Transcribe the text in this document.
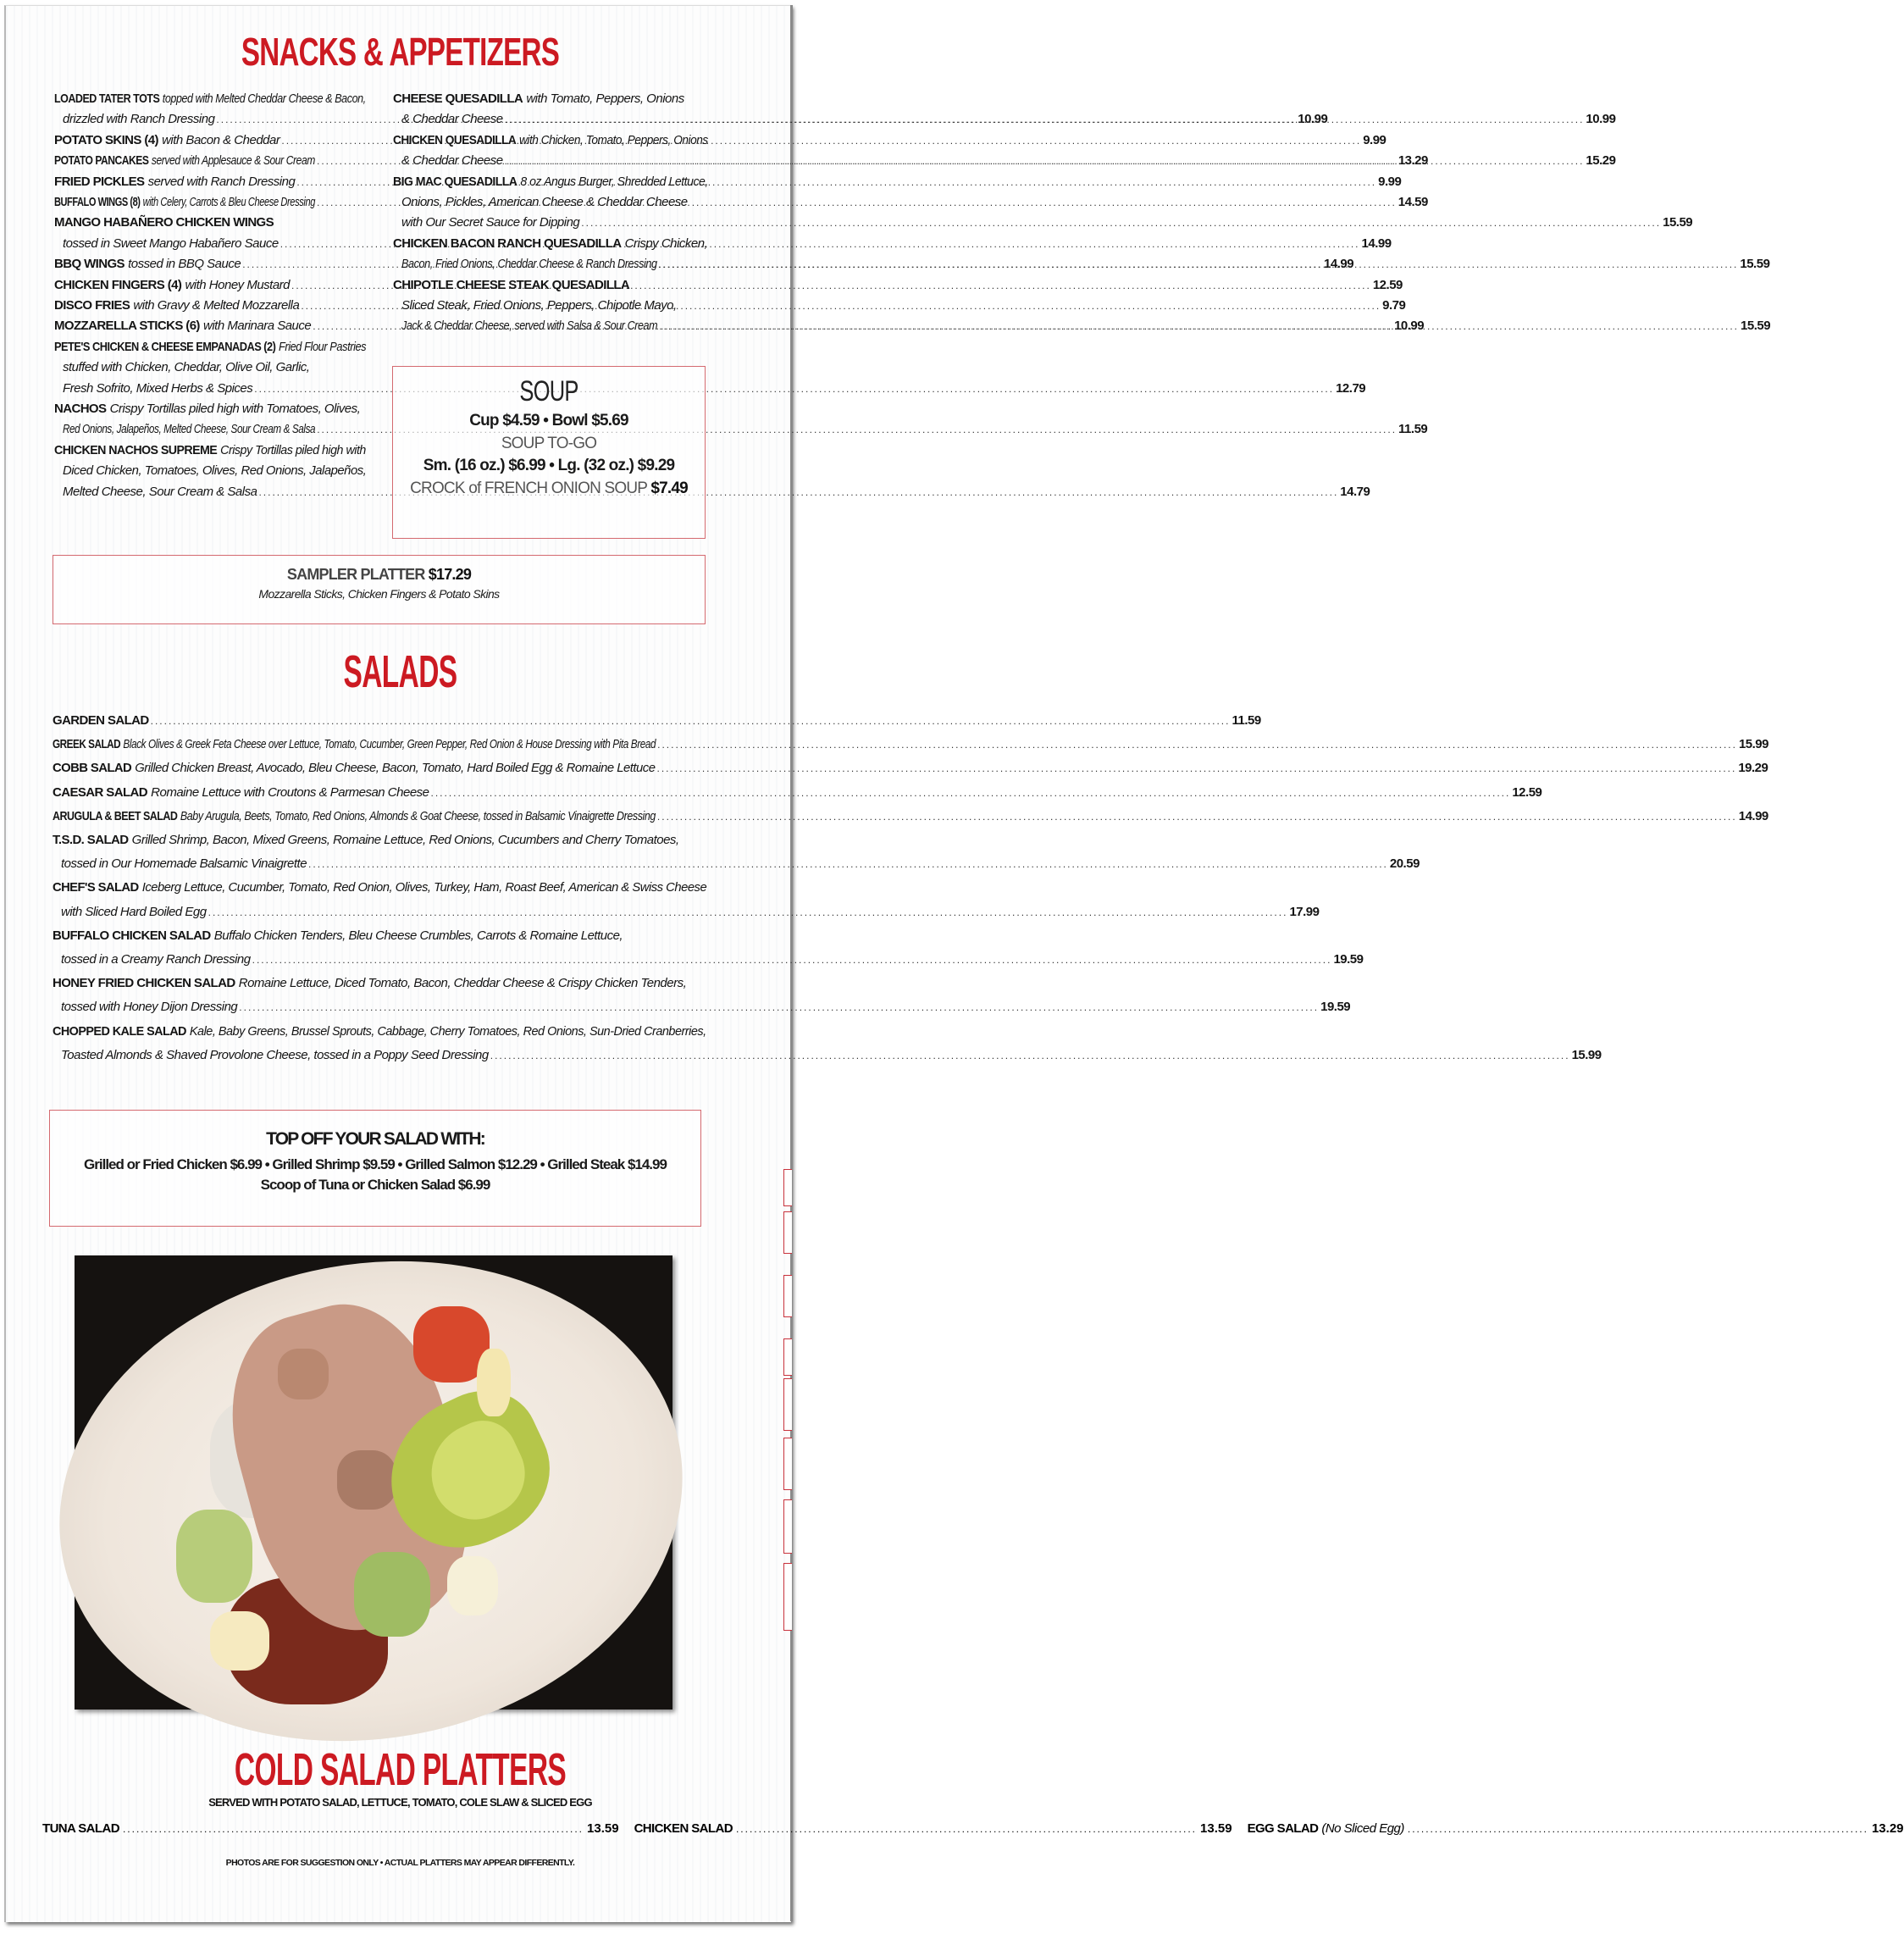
SNACKS & APPETIZERS
LOADED TATER TOTS topped with Melted Cheddar Cheese & Bacon,
drizzled with Ranch Dressing .....	10.99
POTATO SKINS (4) with Bacon & Cheddar .....	9.99
POTATO PANCAKES served with Applesauce & Sour Cream .....	13.29
FRIED PICKLES served with Ranch Dressing .....	9.99
BUFFALO WINGS (8) with Celery, Carrots & Bleu Cheese Dressing .....	14.59
MANGO HABAÑERO CHICKEN WINGS
tossed in Sweet Mango Habañero Sauce .....	14.99
BBQ WINGS tossed in BBQ Sauce .....	14.99
CHICKEN FINGERS (4) with Honey Mustard .....	12.59
DISCO FRIES with Gravy & Melted Mozzarella .....	9.79
MOZZARELLA STICKS (6) with Marinara Sauce .....	10.99
PETE'S CHICKEN & CHEESE EMPANADAS (2) Fried Flour Pastries
stuffed with Chicken, Cheddar, Olive Oil, Garlic,
Fresh Sofrito, Mixed Herbs & Spices .....	12.79
NACHOS Crispy Tortillas piled high with Tomatoes, Olives,
Red Onions, Jalapeños, Melted Cheese, Sour Cream & Salsa .....	11.59
CHICKEN NACHOS SUPREME Crispy Tortillas piled high with
Diced Chicken, Tomatoes, Olives, Red Onions, Jalapeños,
Melted Cheese, Sour Cream & Salsa .....	14.79
CHEESE QUESADILLA with Tomato, Peppers, Onions
& Cheddar Cheese .....	10.99
CHICKEN QUESADILLA with Chicken, Tomato, Peppers, Onions
& Cheddar Cheese .....	15.29
BIG MAC QUESADILLA 8 oz Angus Burger, Shredded Lettuce,
Onions, Pickles, American Cheese & Cheddar Cheese
with Our Secret Sauce for Dipping .....	15.59
CHICKEN BACON RANCH QUESADILLA Crispy Chicken,
Bacon, Fried Onions, Cheddar Cheese & Ranch Dressing .....	15.59
CHIPOTLE CHEESE STEAK QUESADILLA
Sliced Steak, Fried Onions, Peppers, Chipotle Mayo,
Jack & Cheddar Cheese, served with Salsa & Sour Cream .....	15.59
SOUP
Cup $4.59 • Bowl $5.69
SOUP TO-GO
Sm. (16 oz.) $6.99 • Lg. (32 oz.) $9.29
CROCK of FRENCH ONION SOUP $7.49
SAMPLER PLATTER $17.29
Mozzarella Sticks, Chicken Fingers & Potato Skins
SALADS
GARDEN SALAD .....	11.59
GREEK SALAD Black Olives & Greek Feta Cheese over Lettuce, Tomato, Cucumber, Green Pepper, Red Onion & House Dressing with Pita Bread .....	15.99
COBB SALAD Grilled Chicken Breast, Avocado, Bleu Cheese, Bacon, Tomato, Hard Boiled Egg & Romaine Lettuce .....	19.29
CAESAR SALAD Romaine Lettuce with Croutons & Parmesan Cheese .....	12.59
ARUGULA & BEET SALAD Baby Arugula, Beets, Tomato, Red Onions, Almonds & Goat Cheese, tossed in Balsamic Vinaigrette Dressing .....	14.99
T.S.D. SALAD Grilled Shrimp, Bacon, Mixed Greens, Romaine Lettuce, Red Onions, Cucumbers and Cherry Tomatoes,
tossed in Our Homemade Balsamic Vinaigrette .....	20.59
CHEF'S SALAD Iceberg Lettuce, Cucumber, Tomato, Red Onion, Olives, Turkey, Ham, Roast Beef, American & Swiss Cheese
with Sliced Hard Boiled Egg .....	17.99
BUFFALO CHICKEN SALAD Buffalo Chicken Tenders, Bleu Cheese Crumbles, Carrots & Romaine Lettuce,
tossed in a Creamy Ranch Dressing .....	19.59
HONEY FRIED CHICKEN SALAD Romaine Lettuce, Diced Tomato, Bacon, Cheddar Cheese & Crispy Chicken Tenders,
tossed with Honey Dijon Dressing .....	19.59
CHOPPED KALE SALAD Kale, Baby Greens, Brussel Sprouts, Cabbage, Cherry Tomatoes, Red Onions, Sun-Dried Cranberries,
Toasted Almonds & Shaved Provolone Cheese, tossed in a Poppy Seed Dressing .....	15.99
TOP OFF YOUR SALAD WITH:
Grilled or Fried Chicken $6.99 • Grilled Shrimp $9.59 • Grilled Salmon $12.29 • Grilled Steak $14.99
Scoop of Tuna or Chicken Salad $6.99
COLD SALAD PLATTERS
SERVED WITH POTATO SALAD, LETTUCE, TOMATO, COLE SLAW & SLICED EGG
TUNA SALAD .....	13.59 CHICKEN SALAD .....	13.59 EGG SALAD (No Sliced Egg) .....	13.29
PHOTOS ARE FOR SUGGESTION ONLY • ACTUAL PLATTERS MAY APPEAR DIFFERENTLY.
